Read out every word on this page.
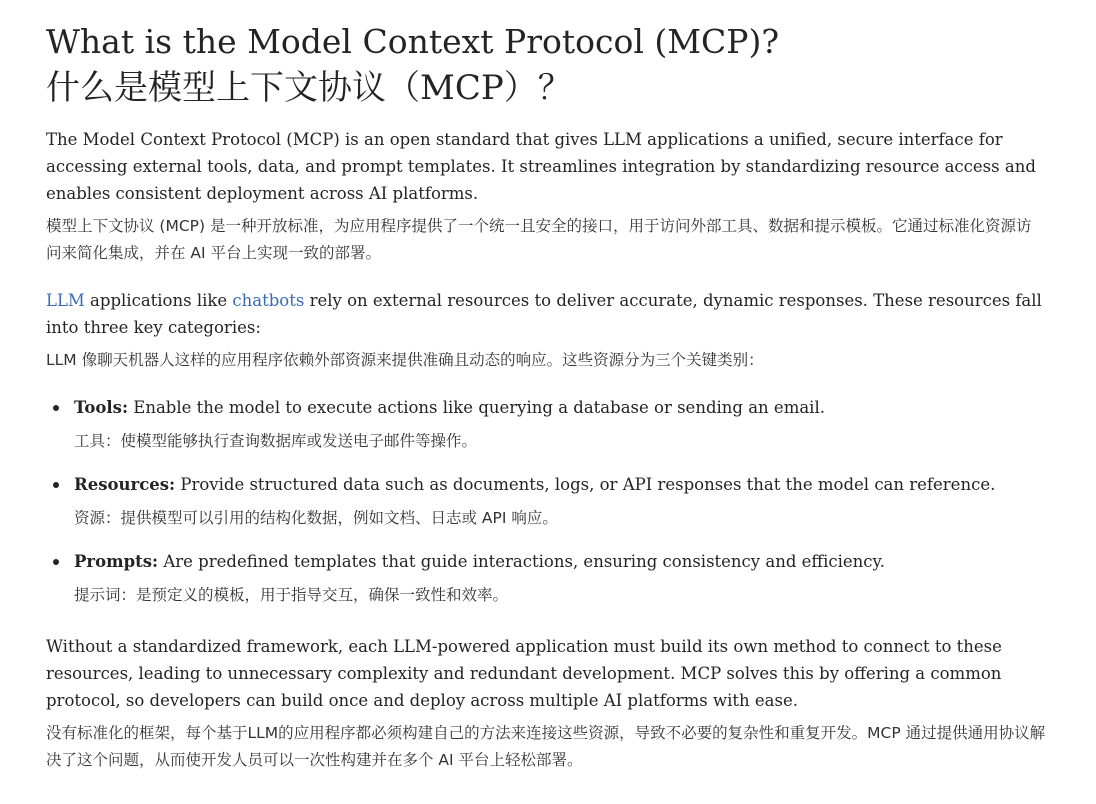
What is the Model Context Protocol (MCP)?
什么是模型上下文协议（MCP）？

The Model Context Protocol (MCP) is an open standard that gives LLM applications a unified, secure interface for accessing external tools, data, and prompt templates. It streamlines integration by standardizing resource access and enables consistent deployment across AI platforms.

模型上下文协议 (MCP) 是一种开放标准，为应用程序提供了一个统一且安全的接口，用于访问外部工具、数据和提示模板。它通过标准化资源访问来简化集成，并在 AI 平台上实现一致的部署。

LLM applications like chatbots rely on external resources to deliver accurate, dynamic responses. These resources fall into three key categories:

LLM 像聊天机器人这样的应用程序依赖外部资源来提供准确且动态的响应。这些资源分为三个关键类别：

Tools: Enable the model to execute actions like querying a database or sending an email.

工具：使模型能够执行查询数据库或发送电子邮件等操作。

Resources: Provide structured data such as documents, logs, or API responses that the model can reference.

资源：提供模型可以引用的结构化数据，例如文档、日志或 API 响应。

Prompts: Are predefined templates that guide interactions, ensuring consistency and efficiency.

提示词：是预定义的模板，用于指导交互，确保一致性和效率。

Without a standardized framework, each LLM-powered application must build its own method to connect to these resources, leading to unnecessary complexity and redundant development. MCP solves this by offering a common protocol, so developers can build once and deploy across multiple AI platforms with ease.

没有标准化的框架，每个基于LLM的应用程序都必须构建自己的方法来连接这些资源，导致不必要的复杂性和重复开发。MCP 通过提供通用协议解决了这个问题，从而使开发人员可以一次性构建并在多个 AI 平台上轻松部署。
